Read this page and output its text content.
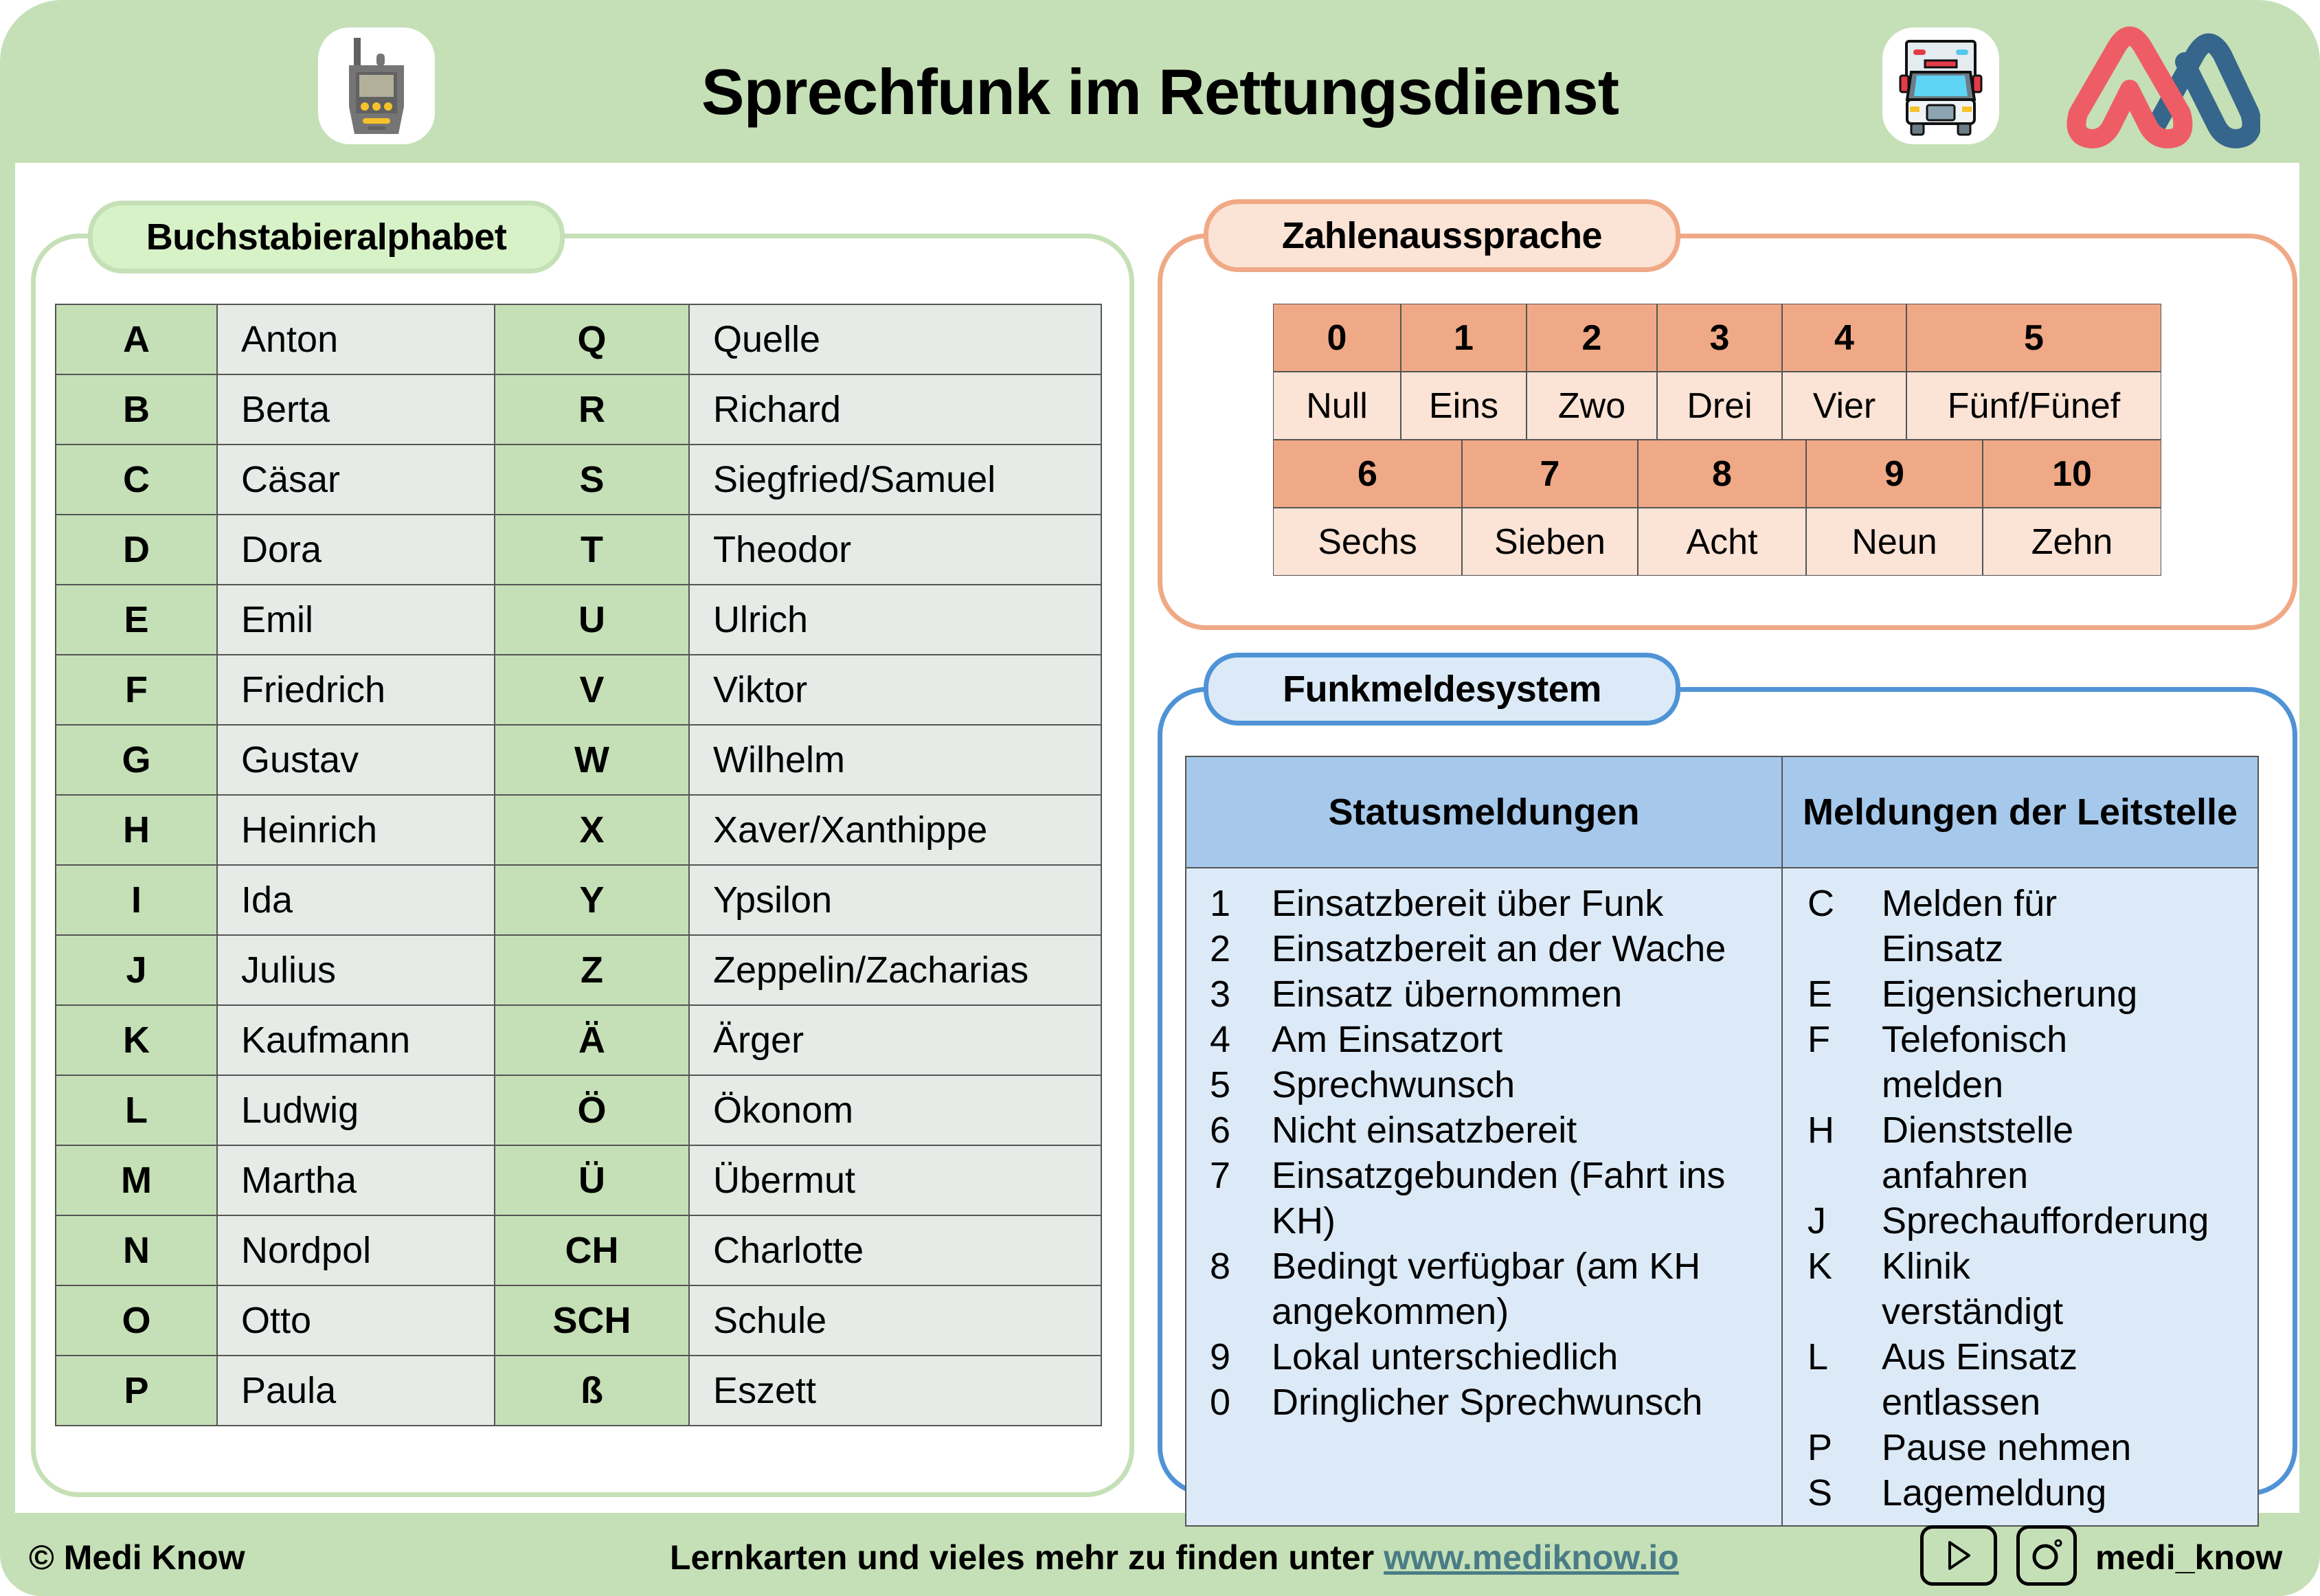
Sprechfunk im Rettungsdienst
Buchstabieralphabet
A	Anton	Q	Quelle
B	Berta	R	Richard
C	Cäsar	S	Siegfried/Samuel
D	Dora	T	Theodor
E	Emil	U	Ulrich
F	Friedrich	V	Viktor
G	Gustav	W	Wilhelm
H	Heinrich	X	Xaver/Xanthippe
I	Ida	Y	Ypsilon
J	Julius	Z	Zeppelin/Zacharias
K	Kaufmann	Ä	Ärger
L	Ludwig	Ö	Ökonom
M	Martha	Ü	Übermut
N	Nordpol	CH	Charlotte
O	Otto	SCH	Schule
P	Paula	ß	Eszett
Zahlenaussprache
0	1	2	3	4	5
Null	Eins	Zwo	Drei	Vier	Fünf/Fünef
6	7	8	9	10
Sechs	Sieben	Acht	Neun	Zehn
Funkmeldesystem
Statusmeldungen	Meldungen der Leitstelle

1	Einsatzbereit über Funk
2	Einsatzbereit an der Wache
3	Einsatz übernommen
4	Am Einsatzort
5	Sprechwunsch
6	Nicht einsatzbereit
7	Einsatzgebunden (Fahrt ins KH)
8	Bedingt verfügbar (am KH angekommen)
9	Lokal unterschiedlich
0	Dringlicher Sprechwunsch

C	Melden für Einsatz
E	Eigensicherung
F	Telefonisch melden
H	Dienststelle anfahren
J	Sprechaufforderung
K	Klinik verständigt
L	Aus Einsatz entlassen
P	Pause nehmen
S	Lagemeldung
© Medi Know	Lernkarten und vieles mehr zu finden unter www.mediknow.io	medi_know
